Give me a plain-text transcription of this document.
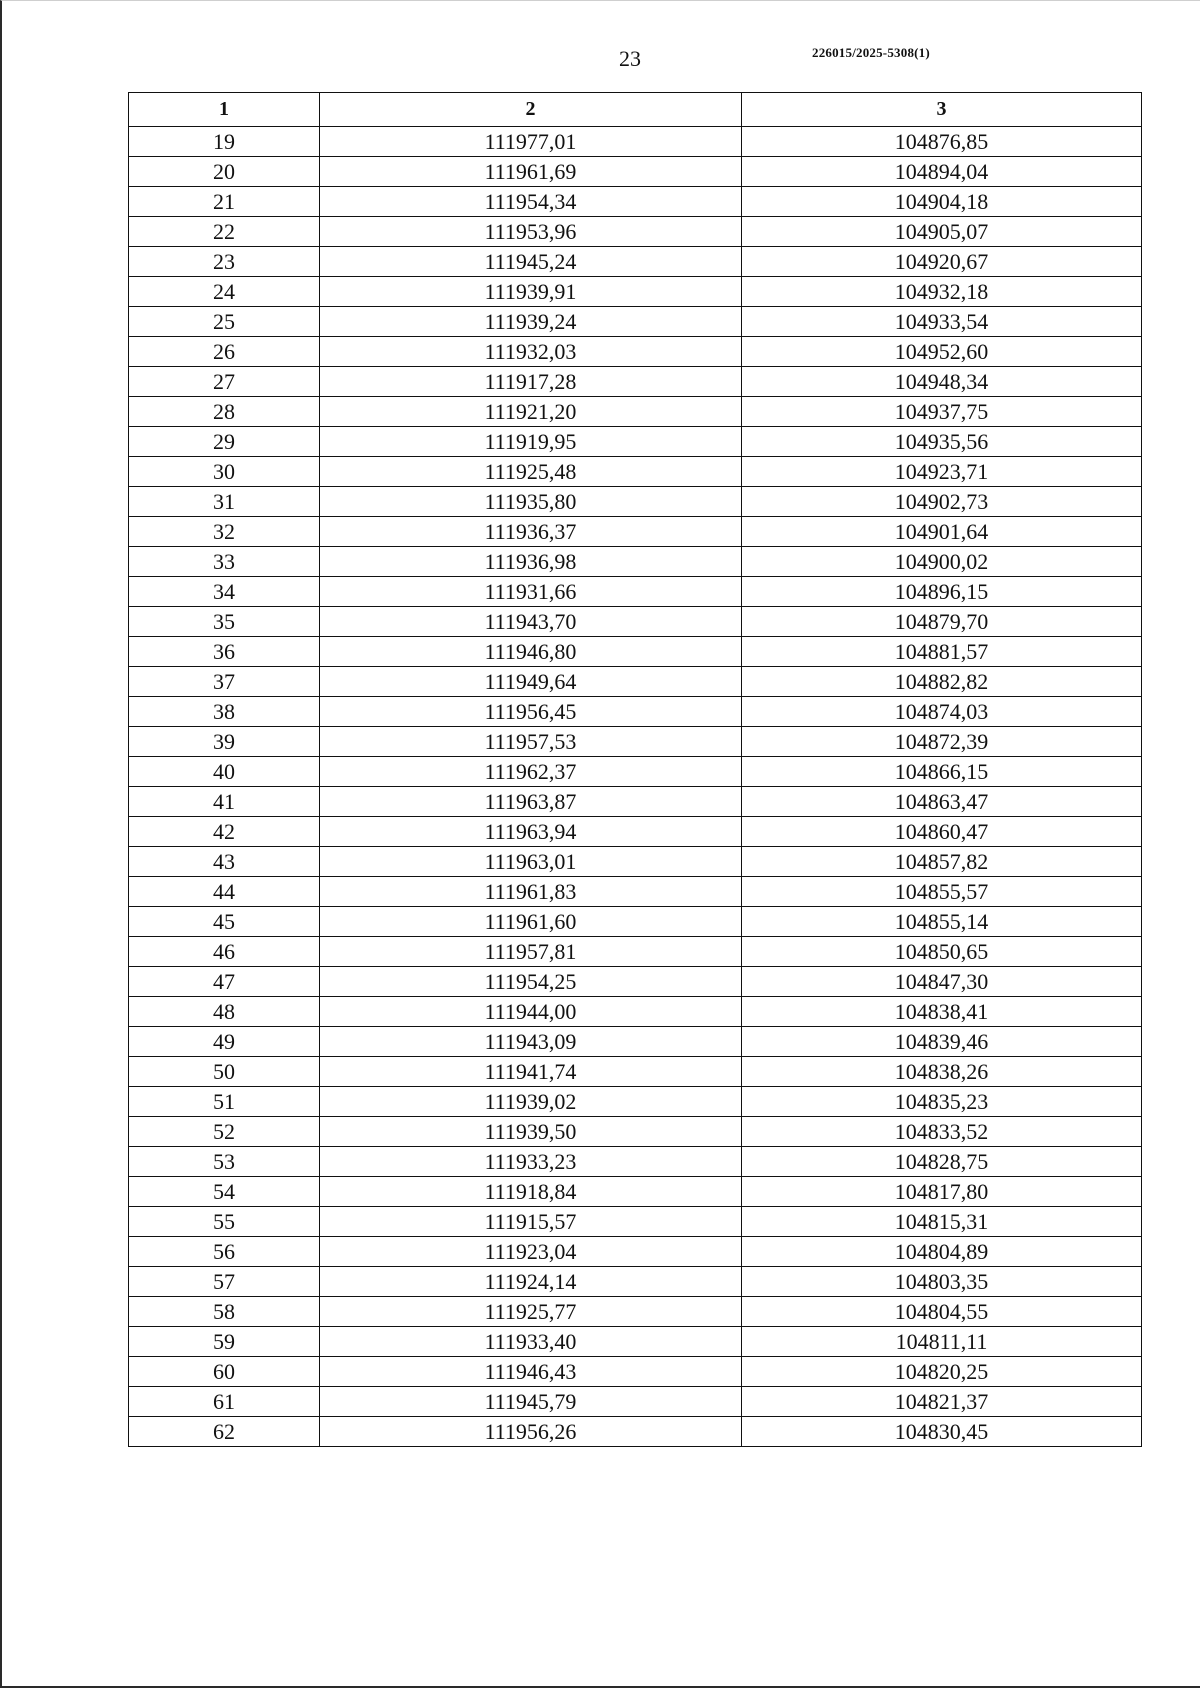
23	226015/2025-5308(1)
1	2	3
19	111977,01	104876,85
20	111961,69	104894,04
21	111954,34	104904,18
22	111953,96	104905,07
23	111945,24	104920,67
24	111939,91	104932,18
25	111939,24	104933,54
26	111932,03	104952,60
27	111917,28	104948,34
28	111921,20	104937,75
29	111919,95	104935,56
30	111925,48	104923,71
31	111935,80	104902,73
32	111936,37	104901,64
33	111936,98	104900,02
34	111931,66	104896,15
35	111943,70	104879,70
36	111946,80	104881,57
37	111949,64	104882,82
38	111956,45	104874,03
39	111957,53	104872,39
40	111962,37	104866,15
41	111963,87	104863,47
42	111963,94	104860,47
43	111963,01	104857,82
44	111961,83	104855,57
45	111961,60	104855,14
46	111957,81	104850,65
47	111954,25	104847,30
48	111944,00	104838,41
49	111943,09	104839,46
50	111941,74	104838,26
51	111939,02	104835,23
52	111939,50	104833,52
53	111933,23	104828,75
54	111918,84	104817,80
55	111915,57	104815,31
56	111923,04	104804,89
57	111924,14	104803,35
58	111925,77	104804,55
59	111933,40	104811,11
60	111946,43	104820,25
61	111945,79	104821,37
62	111956,26	104830,45
